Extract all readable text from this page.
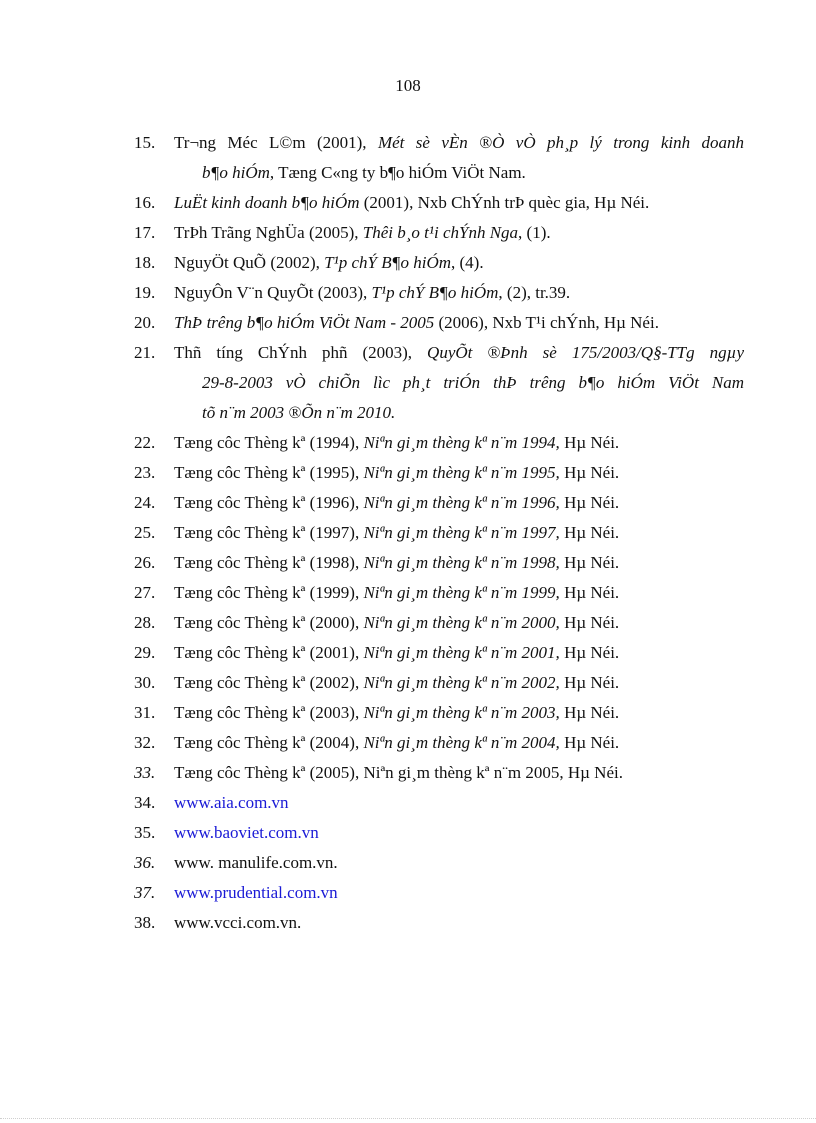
108
15. Tr¬ng Méc L©m (2001), Mét sè vÈn ®Ò vÒ ph¸p lý trong kinh doanh
b¶o hiÓm, Tæng C«ng ty b¶o hiÓm ViÖt Nam.
16. LuËt kinh doanh b¶o hiÓm (2001), Nxb ChÝnh trÞ quèc gia, Hµ Néi.
17. TrÞh Trãng NghÜa (2005), Thêi b¸o t¹i chÝnh Nga, (1).
18. NguyÖt QuÕ (2002), T¹p chÝ B¶o hiÓm, (4).
19. NguyÔn V¨n QuyÕt (2003), T¹p chÝ B¶o hiÓm, (2), tr.39.
20. ThÞ trêng b¶o hiÓm ViÖt Nam - 2005 (2006), Nxb T¹i chÝnh, Hµ Néi.
21. Thñ tíng ChÝnh phñ (2003), QuyÕt ®Þnh sè 175/2003/Q§-TTg ngµy
29-8-2003 vÒ chiÕn lìc ph¸t triÓn thÞ trêng b¶o hiÓm ViÖt Nam
tõ n¨m 2003 ®Õn n¨m 2010.
22. Tæng côc Thèng kª (1994), Niªn gi¸m thèng kª n¨m 1994, Hµ Néi.
23. Tæng côc Thèng kª (1995), Niªn gi¸m thèng kª n¨m 1995, Hµ Néi.
24. Tæng côc Thèng kª (1996), Niªn gi¸m thèng kª n¨m 1996, Hµ Néi.
25. Tæng côc Thèng kª (1997), Niªn gi¸m thèng kª n¨m 1997, Hµ Néi.
26. Tæng côc Thèng kª (1998), Niªn gi¸m thèng kª n¨m 1998, Hµ Néi.
27. Tæng côc Thèng kª (1999), Niªn gi¸m thèng kª n¨m 1999, Hµ Néi.
28. Tæng côc Thèng kª (2000), Niªn gi¸m thèng kª n¨m 2000, Hµ Néi.
29. Tæng côc Thèng kª (2001), Niªn gi¸m thèng kª n¨m 2001, Hµ Néi.
30. Tæng côc Thèng kª (2002), Niªn gi¸m thèng kª n¨m 2002, Hµ Néi.
31. Tæng côc Thèng kª (2003), Niªn gi¸m thèng kª n¨m 2003, Hµ Néi.
32. Tæng côc Thèng kª (2004), Niªn gi¸m thèng kª n¨m 2004, Hµ Néi.
33. Tæng côc Thèng kª (2005), Niªn gi¸m thèng kª n¨m 2005, Hµ Néi.
34. www.aia.com.vn
35. www.baoviet.com.vn
36. www. manulife.com.vn.
37. www.prudential.com.vn
38. www.vcci.com.vn.
